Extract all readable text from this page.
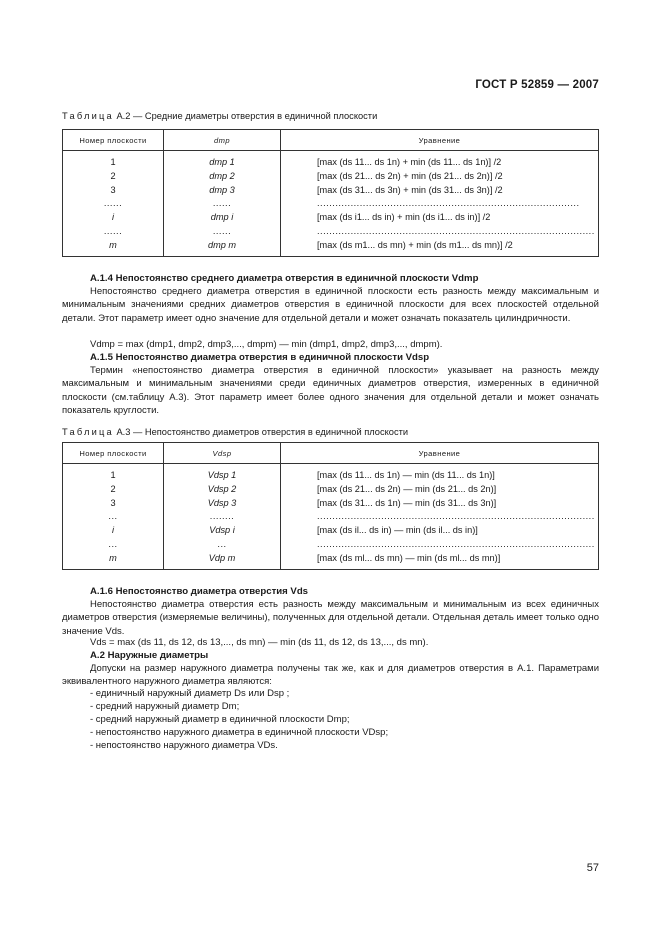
ГОСТ Р 52859 — 2007
Таблица А.2 — Средние диаметры отверстия в единичной плоскости
Номер плоскости	dmp	Уравнение
1	dmp 1	[max (ds 11... ds 1n) + min (ds 11... ds 1n)] /2
2	dmp 2	[max (ds 21... ds 2n) + min (ds 21... ds 2n)] /2
3	dmp 3	[max (ds 31... ds 3n) + min (ds 31... ds 3n)] /2
......	......	......................................................................................
i	dmp i	[max (ds i1... ds in) + min (ds i1... ds in)] /2
......	......	...........................................................................................
m	dmp m	[max (ds m1... ds mn) + min (ds m1... ds mn)] /2
А.1.4 Непостоянство среднего диаметра отверстия в единичной плоскости Vdmp
Непостоянство среднего диаметра отверстия в единичной плоскости есть разность между максимальным и минимальным значениями средних диаметров отверстия в единичной плоскости для всех плоскостей отдельной детали. Этот параметр имеет одно значение для отдельной детали и может означать показатель цилиндричности.
Vdmp = max (dmp1, dmp2, dmp3,..., dmpm) — min (dmp1, dmp2, dmp3,..., dmpm).
А.1.5 Непостоянство диаметра отверстия в единичной плоскости Vdsp
Термин «непостоянство диаметра отверстия в единичной плоскости» указывает на разность между максимальным и минимальным значениями среди единичных диаметров отверстия, измеренных в единичной плоскости (см.таблицу А.3). Этот параметр имеет более одного значения для отдельной детали и может означать показатель круглости.
Таблица А.3 — Непостоянство диаметров отверстия в единичной плоскости
Номер плоскости	Vdsp	Уравнение
1	Vdsp 1	[max (ds 11... ds 1n) — min (ds 11... ds 1n)]
2	Vdsp 2	[max (ds 21... ds 2n) — min (ds 21... ds 2n)]
3	Vdsp 3	[max (ds 31... ds 1n) — min (ds 31... ds 3n)]
...	........	...........................................................................................
i	Vdsp i	[max (ds il... ds in) — min (ds il... ds in)]
...	...	...........................................................................................
m	Vdp m	[max (ds ml... ds mn) — min (ds ml... ds mn)]
А.1.6 Непостоянство диаметра отверстия Vds
Непостоянство диаметра отверстия есть разность между максимальным и минимальным из всех единичных диаметров отверстия (измеряемые величины), полученных для отдельной детали. Отдельная деталь имеет только одно значение Vds.
Vds = max (ds 11, ds 12, ds 13,..., ds mn) — min (ds 11, ds 12, ds 13,..., ds mn).
А.2 Наружные диаметры
Допуски на размер наружного диаметра получены так же, как и для диаметров отверстия в А.1. Параметрами эквивалентного наружного диаметра являются:
- единичный наружный диаметр Ds или Dsp ;
- средний наружный диаметр Dm;
- средний наружный диаметр в единичной плоскости Dmp;
- непостоянство наружного диаметра в единичной плоскости VDsp;
- непостоянство наружного диаметра VDs.
57
